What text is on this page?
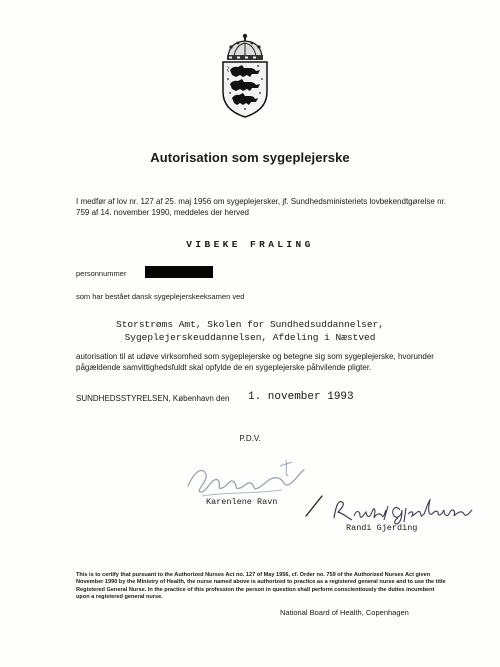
Autorisation som sygeplejerske
I medfør af lov nr. 127 af 25. maj 1956 om sygeplejersker, jf. Sundhedsministeriets lovbekendtgørelse nr. 759 af 14. november 1990, meddeles der herved
VIBEKE FRALING
personnummer
som har bestået dansk sygeplejerskeeksamen ved
Storstrøms Amt, Skolen for Sundhedsuddannelser,
Sygeplejerskeuddannelsen, Afdeling i Næstved
autorisation til at udøve virksomhed som sygeplejerske og betegne sig som sygeplejerske, hvorunder pågældende samvittighedsfuldt skal opfylde de en sygeplejerske påhvilende pligter.
SUNDHEDSSTYRELSEN, København den 1. november 1993
P.D.V.
Karenlene Ravn
Randi Gjerding
This is to certify that pursuant to the Authorized Nurses Act no. 127 of May 1956, cf. Order no. 759 of the Authorized Nurses Act given November 1990 by the Ministry of Health, the nurse named above is authorized to practice as a registered general nurse and to use the title Registered General Nurse. In the practice of this profession the person in question shall perform conscientiously the duties incumbent upon a registered general nurse.
National Board of Health, Copenhagen
